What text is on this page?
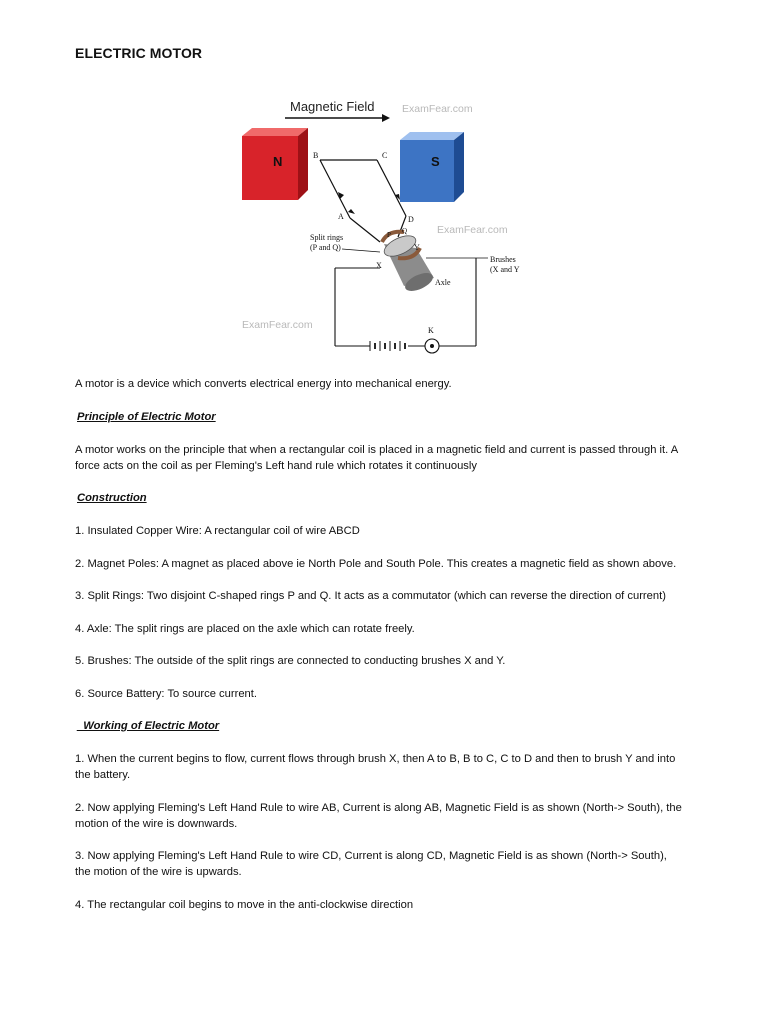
ELECTRIC MOTOR
Magnetic Field	ExamFear.com
N	S
B	C
A	D
ExamFear.com
P Q
Y
X
Split rings
(P and Q)
Brushes
(X and Y
Axle
K
ExamFear.com

A motor is a device which converts electrical energy into mechanical energy.

Principle of Electric Motor

A motor works on the principle that when a rectangular coil is placed in a magnetic field and current is passed through it. A force acts on the coil as per Fleming's Left hand rule which rotates it continuously

Construction

1. Insulated Copper Wire: A rectangular coil of wire ABCD

2. Magnet Poles: A magnet as placed above ie North Pole and South Pole. This creates a magnetic field as shown above.

3. Split Rings: Two disjoint C-shaped rings P and Q. It acts as a commutator (which can reverse the direction of current)

4. Axle: The split rings are placed on the axle which can rotate freely.

5. Brushes: The outside of the split rings are connected to conducting brushes X and Y.

6. Source Battery: To source current.

_Working of Electric Motor

1. When the current begins to flow, current flows through brush X, then A to B, B to C, C to D and then to brush Y and into the battery.

2. Now applying Fleming's Left Hand Rule to wire AB, Current is along AB, Magnetic Field is as shown (North-> South), the motion of the wire is downwards.

3. Now applying Fleming's Left Hand Rule to wire CD, Current is along CD, Magnetic Field is as shown (North-> South), the motion of the wire is upwards.

4. The rectangular coil begins to move in the anti-clockwise direction
